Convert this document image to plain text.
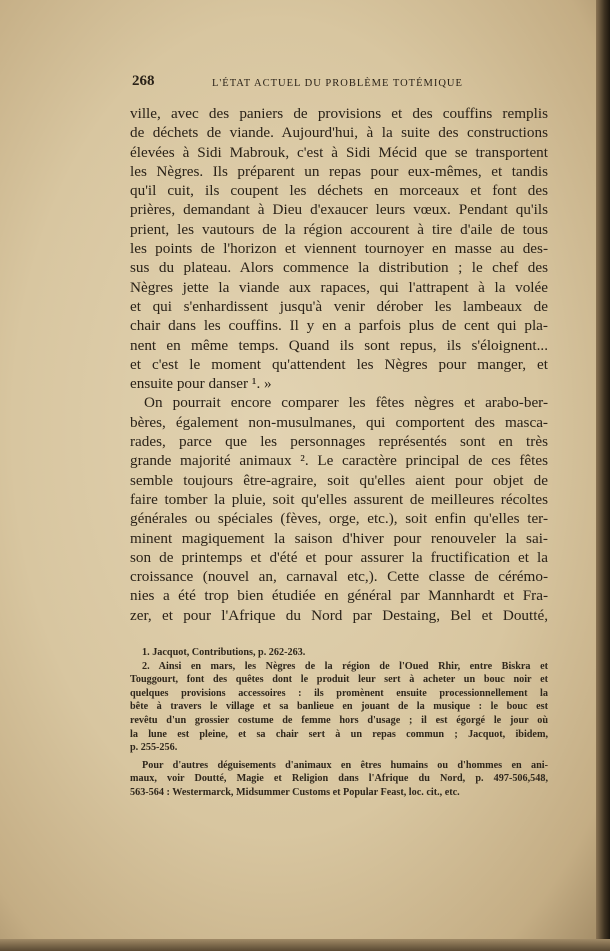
268	L'ÉTAT ACTUEL DU PROBLÈME TOTÉMIQUE
ville, avec des paniers de provisions et des couffins remplis
de déchets de viande. Aujourd'hui, à la suite des constructions
élevées à Sidi Mabrouk, c'est à Sidi Mécid que se transportent
les Nègres. Ils préparent un repas pour eux-mêmes, et tandis
qu'il cuit, ils coupent les déchets en morceaux et font des
prières, demandant à Dieu d'exaucer leurs vœux. Pendant qu'ils
prient, les vautours de la région accourent à tire d'aile de tous
les points de l'horizon et viennent tournoyer en masse au des-
sus du plateau. Alors commence la distribution ; le chef des
Nègres jette la viande aux rapaces, qui l'attrapent à la volée
et qui s'enhardissent jusqu'à venir dérober les lambeaux de
chair dans les couffins. Il y en a parfois plus de cent qui pla-
nent en même temps. Quand ils sont repus, ils s'éloignent...
et c'est le moment qu'attendent les Nègres pour manger, et
ensuite pour danser ¹. »
On pourrait encore comparer les fêtes nègres et arabo-ber-
bères, également non-musulmanes, qui comportent des masca-
rades, parce que les personnages représentés sont en très
grande majorité animaux ². Le caractère principal de ces fêtes
semble toujours être-agraire, soit qu'elles aient pour objet de
faire tomber la pluie, soit qu'elles assurent de meilleures récoltes
générales ou spéciales (fèves, orge, etc.), soit enfin qu'elles ter-
minent magiquement la saison d'hiver pour renouveler la sai-
son de printemps et d'été et pour assurer la fructification et la
croissance (nouvel an, carnaval etc,). Cette classe de cérémo-
nies a été trop bien étudiée en général par Mannhardt et Fra-
zer, et pour l'Afrique du Nord par Destaing, Bel et Doutté,
1. Jacquot, Contributions, p. 262-263.
2. Ainsi en mars, les Nègres de la région de l'Oued Rhir, entre Biskra et
Touggourt, font des quêtes dont le produit leur sert à acheter un bouc noir et
quelques provisions accessoires : ils promènent ensuite processionnellement la
bête à travers le village et sa banlieue en jouant de la musique : le bouc est
revêtu d'un grossier costume de femme hors d'usage ; il est égorgé le jour où
la lune est pleine, et sa chair sert à un repas commun ; Jacquot, ibidem,
p. 255-256.
Pour d'autres déguisements d'animaux en êtres humains ou d'hommes en ani-
maux, voir Doutté, Magie et Religion dans l'Afrique du Nord, p. 497-506,548,
563-564 : Westermarck, Midsummer Customs et Popular Feast, loc. cit., etc.
